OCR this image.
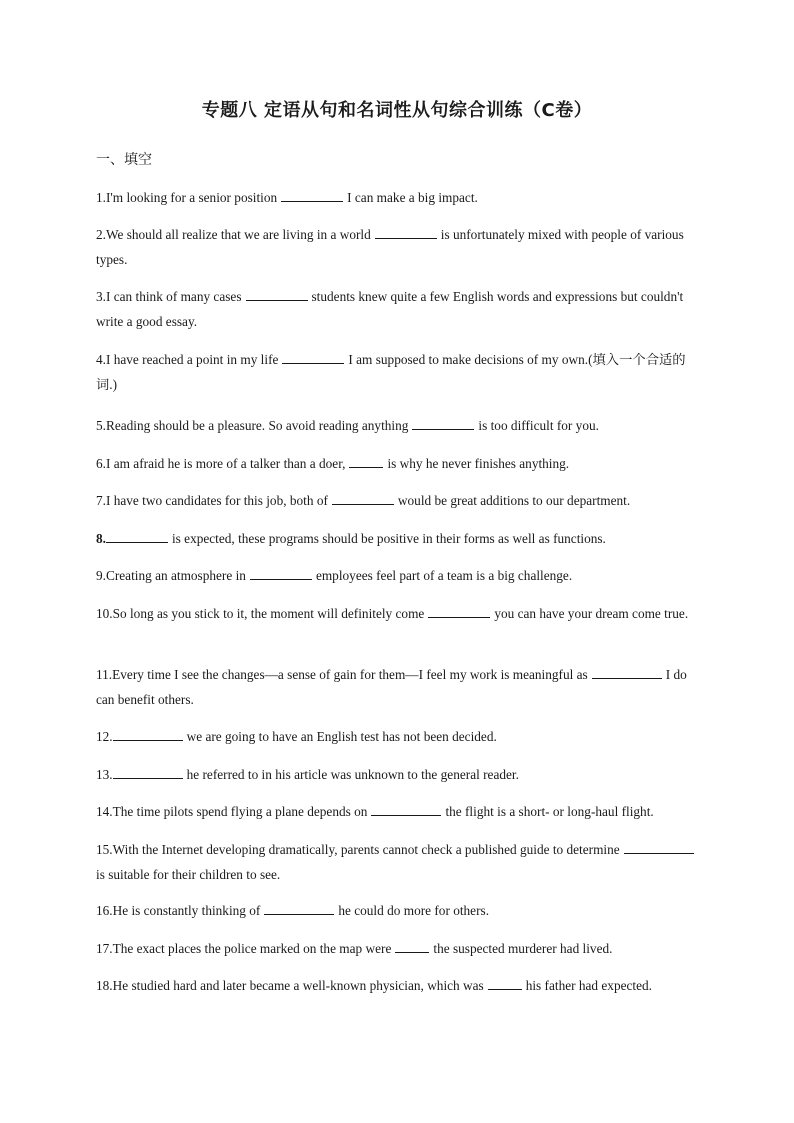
专题八 定语从句和名词性从句综合训练（C卷）
一、填空
1.I'm looking for a senior position	I can make a big impact.
2.We should all realize that we are living in a world	is unfortunately mixed with people of various types.
3.I can think of many cases	students knew quite a few English words and expressions but couldn't write a good essay.
4.I have reached a point in my life	I am supposed to make decisions of my own.(填入一个合适的词.)
5.Reading should be a pleasure. So avoid reading anything	is too difficult for you.
6.I am afraid he is more of a talker than a doer,	is why he never finishes anything.
7.I have two candidates for this job, both of	would be great additions to our department.
8.	is expected, these programs should be positive in their forms as well as functions.
9.Creating an atmosphere in	employees feel part of a team is a big challenge.
10.So long as you stick to it, the moment will definitely come	you can have your dream come true.
11.Every time I see the changes—a sense of gain for them—I feel my work is meaningful as	I do can benefit others.
12.	we are going to have an English test has not been decided.
13.	he referred to in his article was unknown to the general reader.
14.The time pilots spend flying a plane depends on	the flight is a short- or long-haul flight.
15.With the Internet developing dramatically, parents cannot check a published guide to determineis suitable for their children to see.
16.He is constantly thinking of	he could do more for others.
17.The exact places the police marked on the map were	the suspected murderer had lived.
18.He studied hard and later became a well-known physician, which was	his father had expected.
